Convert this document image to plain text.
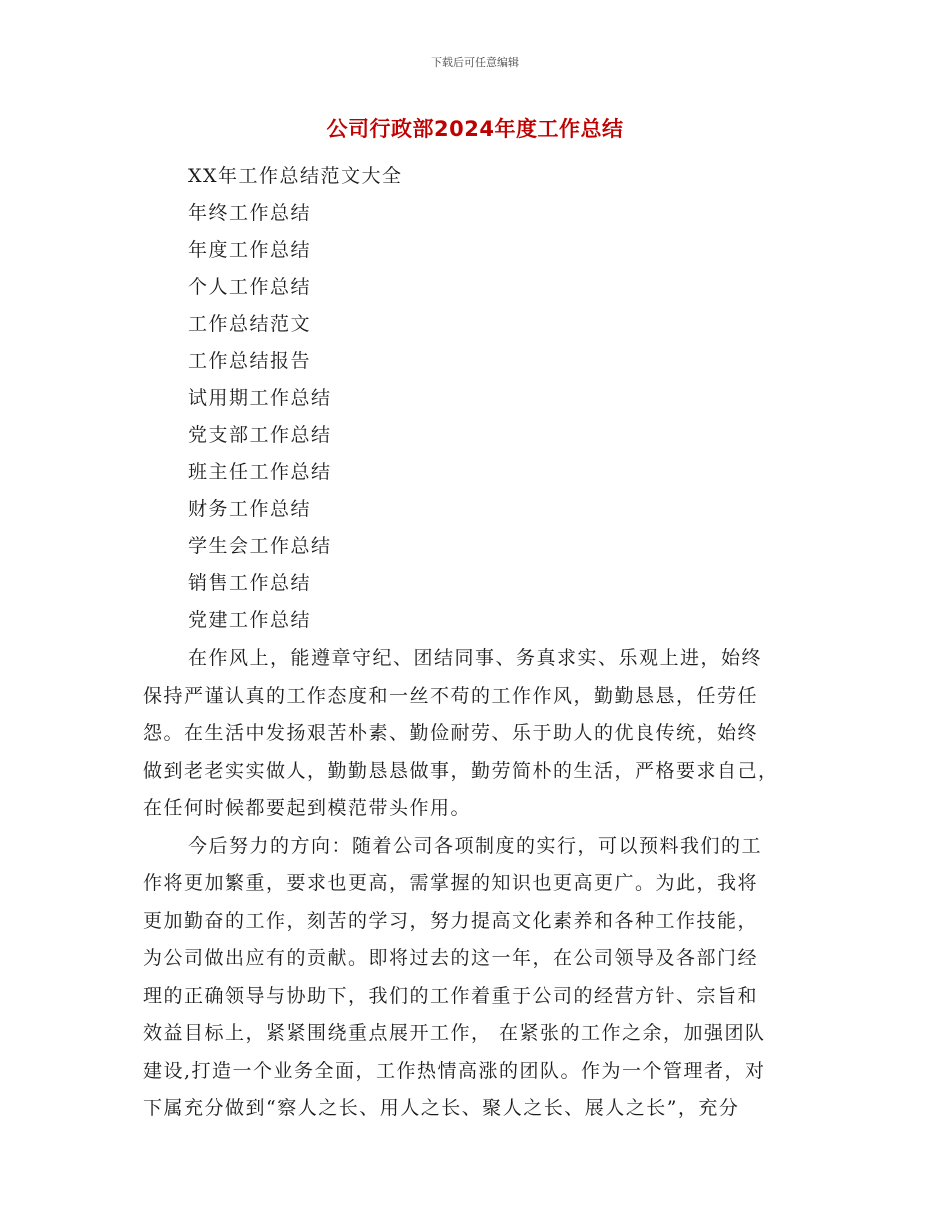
下载后可任意编辑
公司行政部2024年度工作总结
XX年工作总结范文大全
年终工作总结
年度工作总结
个人工作总结
工作总结范文
工作总结报告
试用期工作总结
党支部工作总结
班主任工作总结
财务工作总结
学生会工作总结
销售工作总结
党建工作总结
在作风上，能遵章守纪、团结同事、务真求实、乐观上进，始终
保持严谨认真的工作态度和一丝不苟的工作作风，勤勤恳恳，任劳任
怨。在生活中发扬艰苦朴素、勤俭耐劳、乐于助人的优良传统，始终
做到老老实实做人，勤勤恳恳做事，勤劳简朴的生活，严格要求自己，
在任何时候都要起到模范带头作用。
今后努力的方向：随着公司各项制度的实行，可以预料我们的工
作将更加繁重，要求也更高，需掌握的知识也更高更广。为此，我将
更加勤奋的工作，刻苦的学习，努力提高文化素养和各种工作技能，
为公司做出应有的贡献。即将过去的这一年，在公司领导及各部门经
理的正确领导与协助下，我们的工作着重于公司的经营方针、宗旨和
效益目标上，紧紧围绕重点展开工作， 在紧张的工作之余，加强团队
建设,打造一个业务全面，工作热情高涨的团队。作为一个管理者，对
下属充分做到“察人之长、用人之长、聚人之长、展人之长”，充分
